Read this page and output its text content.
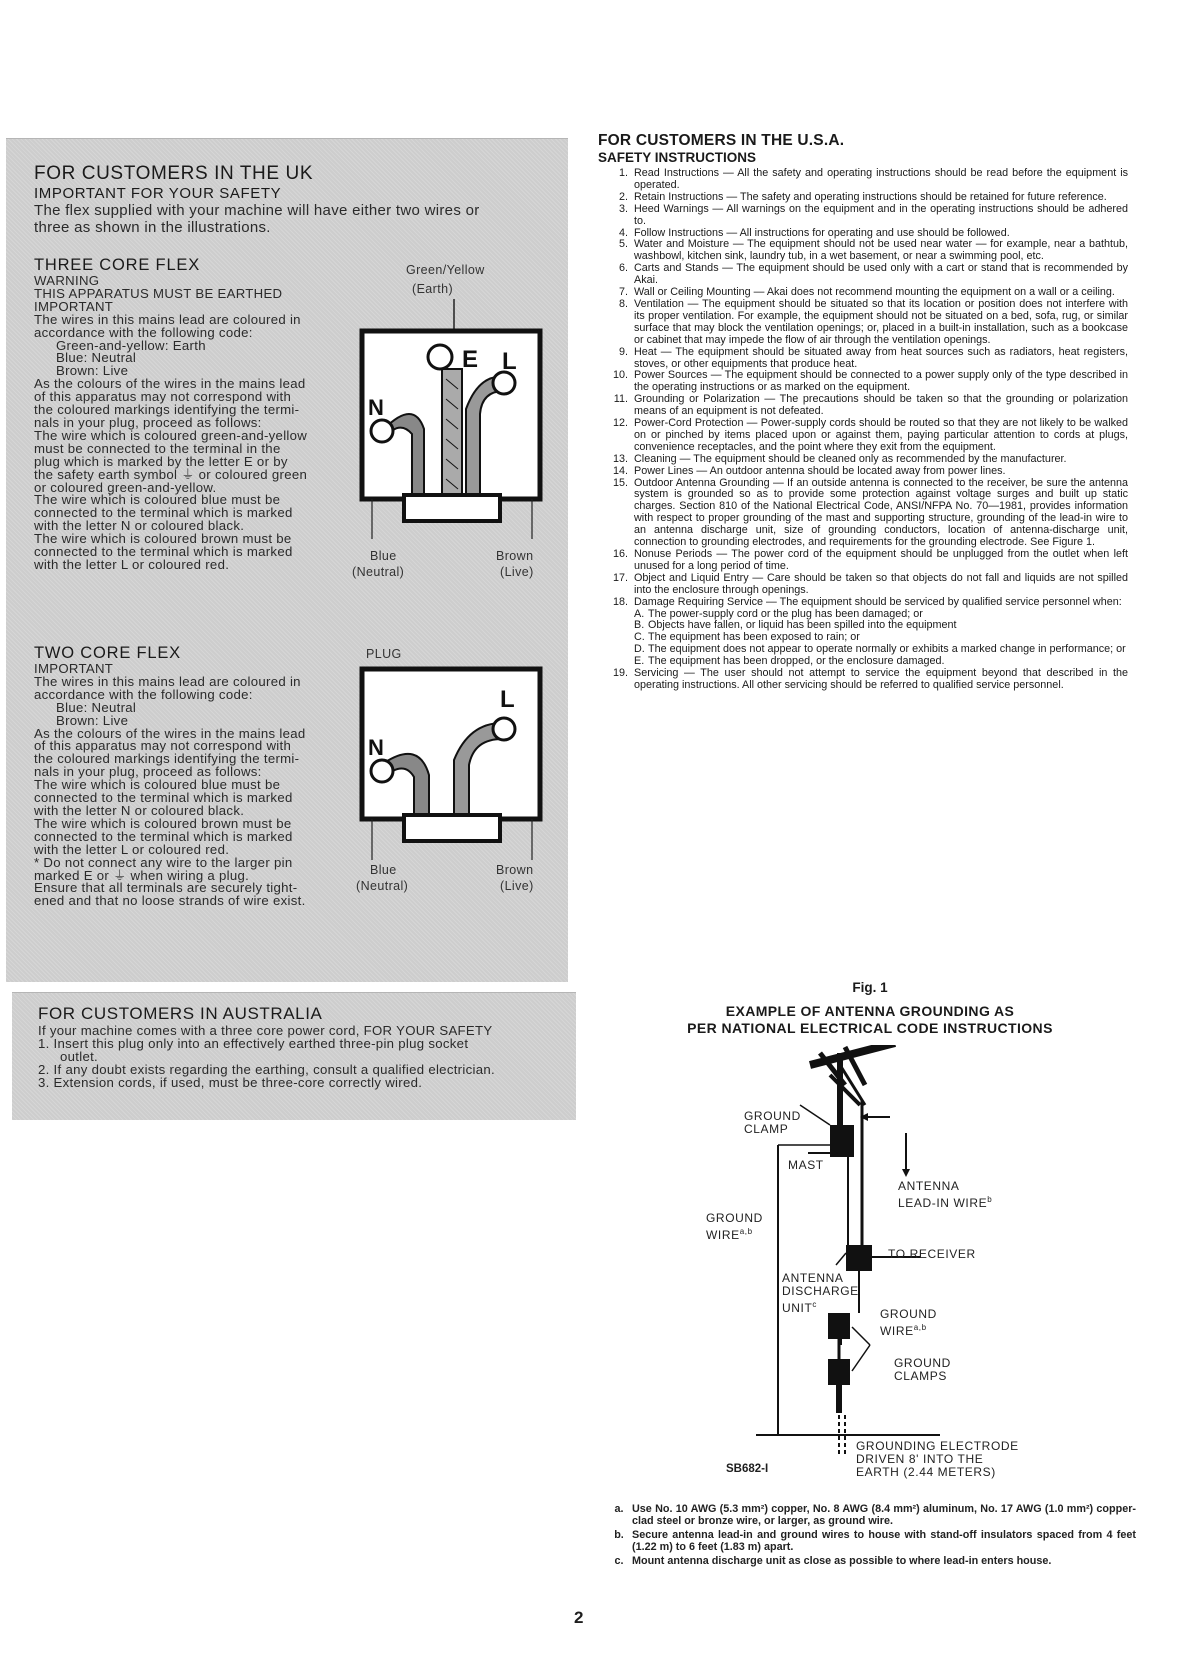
FOR CUSTOMERS IN THE UK
IMPORTANT FOR YOUR SAFETY
The flex supplied with your machine will have either two wires or
three as shown in the illustrations.
THREE CORE FLEX
WARNING
THIS APPARATUS MUST BE EARTHED
IMPORTANT
The wires in this mains lead are coloured in
accordance with the following code:
Green-and-yellow: Earth
Blue: Neutral
Brown: Live
As the colours of the wires in the mains lead
of this apparatus may not correspond with
the coloured markings identifying the termi-
nals in your plug, proceed as follows:
The wire which is coloured green-and-yellow
must be connected to the terminal in the
plug which is marked by the letter E or by
the safety earth symbol ⏚ or coloured green
or coloured green-and-yellow.
The wire which is coloured blue must be
connected to the terminal which is marked
with the letter N or coloured black.
The wire which is coloured brown must be
connected to the terminal which is marked
with the letter L or coloured red.
Green/Yellow
(Earth)
E L
N
Blue
(Neutral)
Brown
(Live)
TWO CORE FLEX
IMPORTANT
The wires in this mains lead are coloured in
accordance with the following code:
Blue: Neutral
Brown: Live
As the colours of the wires in the mains lead
of this apparatus may not correspond with
the coloured markings identifying the termi-
nals in your plug, proceed as follows:
The wire which is coloured blue must be
connected to the terminal which is marked
with the letter N or coloured black.
The wire which is coloured brown must be
connected to the terminal which is marked
with the letter L or coloured red.
* Do not connect any wire to the larger pin
marked E or ⏚ when wiring a plug.
Ensure that all terminals are securely tight-
ened and that no loose strands of wire exist.
PLUG
L
N
Blue
(Neutral)
Brown
(Live)
FOR CUSTOMERS IN AUSTRALIA
If your machine comes with a three core power cord, FOR YOUR SAFETY
1. Insert this plug only into an effectively earthed three-pin plug socket
outlet.
2. If any doubt exists regarding the earthing, consult a qualified electrician.
3. Extension cords, if used, must be three-core correctly wired.
FOR CUSTOMERS IN THE U.S.A.
SAFETY INSTRUCTIONS
1. Read Instructions — All the safety and operating instructions should be read before the equipment is operated.
2. Retain Instructions — The safety and operating instructions should be retained for future reference.
3. Heed Warnings — All warnings on the equipment and in the operating instructions should be adhered to.
4. Follow Instructions — All instructions for operating and use should be followed.
5. Water and Moisture — The equipment should not be used near water — for example, near a bathtub, washbowl, kitchen sink, laundry tub, in a wet basement, or near a swimming pool, etc.
6. Carts and Stands — The equipment should be used only with a cart or stand that is recommended by Akai.
7. Wall or Ceiling Mounting — Akai does not recommend mounting the equipment on a wall or a ceiling.
8. Ventilation — The equipment should be situated so that its location or position does not interfere with its proper ventilation. For example, the equipment should not be situated on a bed, sofa, rug, or similar surface that may block the ventilation openings; or, placed in a built-in installation, such as a bookcase or cabinet that may impede the flow of air through the ventilation openings.
9. Heat — The equipment should be situated away from heat sources such as radiators, heat registers, stoves, or other equipments that produce heat.
10. Power Sources — The equipment should be connected to a power supply only of the type described in the operating instructions or as marked on the equipment.
11. Grounding or Polarization — The precautions should be taken so that the grounding or polarization means of an equipment is not defeated.
12. Power-Cord Protection — Power-supply cords should be routed so that they are not likely to be walked on or pinched by items placed upon or against them, paying particular attention to cords at plugs, convenience receptacles, and the point where they exit from the equipment.
13. Cleaning — The equipment should be cleaned only as recommended by the manufacturer.
14. Power Lines — An outdoor antenna should be located away from power lines.
15. Outdoor Antenna Grounding — If an outside antenna is connected to the receiver, be sure the antenna system is grounded so as to provide some protection against voltage surges and built up static charges. Section 810 of the National Electrical Code, ANSI/NFPA No. 70—1981, provides information with respect to proper grounding of the mast and supporting structure, grounding of the lead-in wire to an antenna discharge unit, size of grounding conductors, location of antenna-discharge unit, connection to grounding electrodes, and requirements for the grounding electrode. See Figure 1.
16. Nonuse Periods — The power cord of the equipment should be unplugged from the outlet when left unused for a long period of time.
17. Object and Liquid Entry — Care should be taken so that objects do not fall and liquids are not spilled into the enclosure through openings.
18. Damage Requiring Service — The equipment should be serviced by qualified service personnel when:
A. The power-supply cord or the plug has been damaged; or
B. Objects have fallen, or liquid has been spilled into the equipment
C. The equipment has been exposed to rain; or
D. The equipment does not appear to operate normally or exhibits a marked change in performance; or
E. The equipment has been dropped, or the enclosure damaged.
19. Servicing — The user should not attempt to service the equipment beyond that described in the operating instructions. All other servicing should be referred to qualified service personnel.
Fig. 1
EXAMPLE OF ANTENNA GROUNDING AS
PER NATIONAL ELECTRICAL CODE INSTRUCTIONS
GROUND
CLAMP
MAST
ANTENNA
LEAD-IN WIRE$^b$
GROUND
WIRE$^{a,b}$
TO RECEIVER
ANTENNA
DISCHARGE
UNIT$^c$
GROUND
WIRE$^{a,b}$
GROUND
CLAMPS
GROUNDING ELECTRODE
DRIVEN 8' INTO THE
EARTH (2.44 METERS)
SB682-I
a. Use No. 10 AWG (5.3 mm²) copper, No. 8 AWG (8.4 mm²) aluminum, No. 17 AWG (1.0 mm²) copper-clad steel or bronze wire, or larger, as ground wire.
b. Secure antenna lead-in and ground wires to house with stand-off insulators spaced from 4 feet (1.22 m) to 6 feet (1.83 m) apart.
c. Mount antenna discharge unit as close as possible to where lead-in enters house.
2
